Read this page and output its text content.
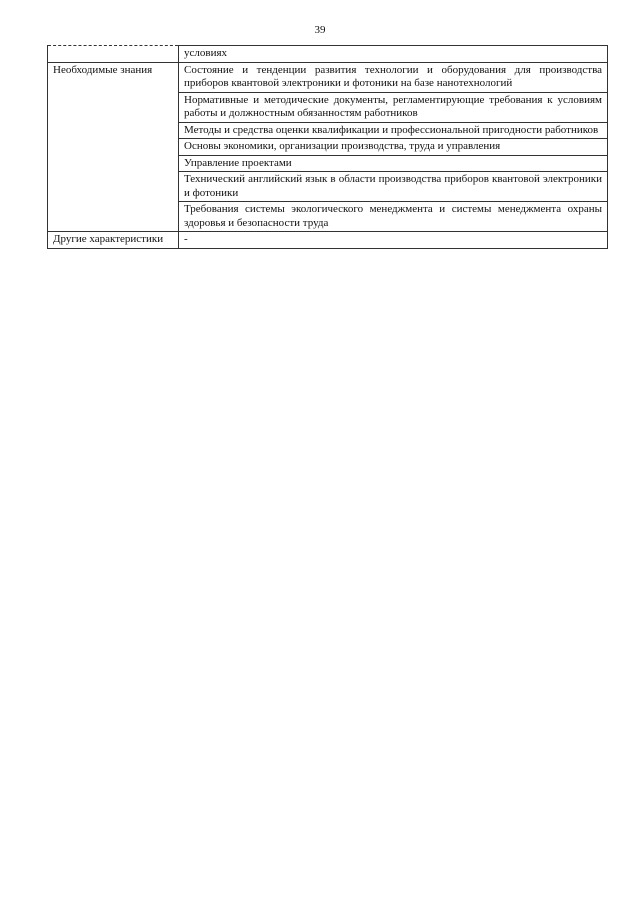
39
	условиях
Необходимые знания	Состояние и тенденции развития технологии и оборудования для производства приборов квантовой электроники и фотоники на базе нанотехнологий
	Нормативные и методические документы, регламентирующие требования к условиям работы и должностным обязанностям работников
	Методы и средства оценки квалификации и профессиональной пригодности работников
	Основы экономики, организации производства, труда и управления
	Управление проектами
	Технический английский язык в области производства приборов квантовой электроники и фотоники
	Требования системы экологического менеджмента и системы менеджмента охраны здоровья и безопасности труда
Другие характеристики	-
